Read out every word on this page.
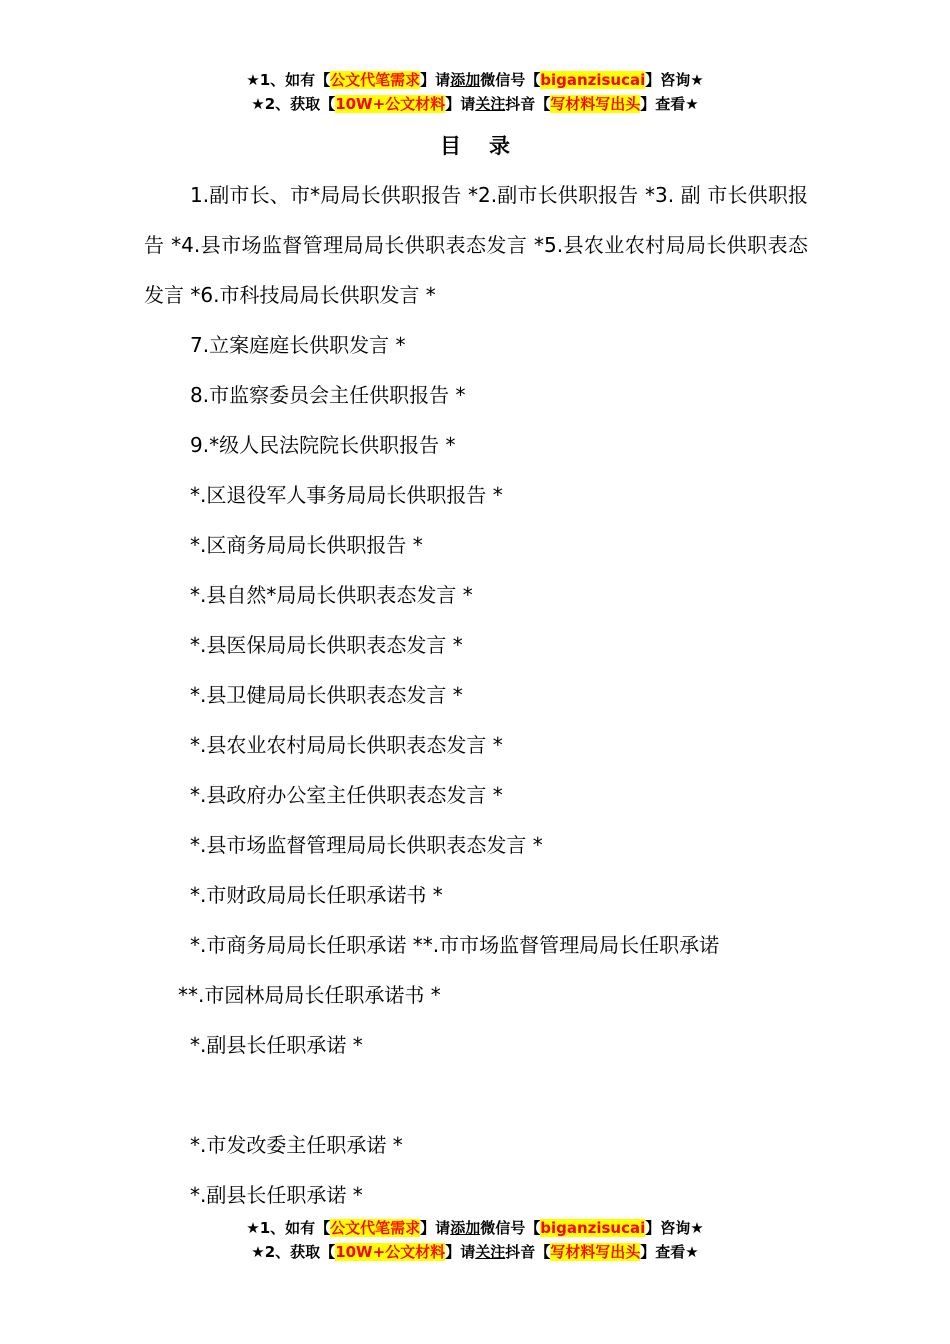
★1、如有【公文代笔需求】请添加微信号【biganzisucai】咨询★
★2、获取【10W+公文材料】请关注抖音【写材料写出头】查看★
目 录

1.副市长、市*局局长供职报告 *2.副市长供职报告 *3. 副 市长供职报告 *4.县市场监督管理局局长供职表态发言 *5.县农业农村局局长供职表态发言 *6.市科技局局长供职发言 *

7.立案庭庭长供职发言 *
8.市监察委员会主任供职报告 *
9.*级人民法院院长供职报告 *
*.区退役军人事务局局长供职报告 *
*.区商务局局长供职报告 *
*.县自然*局局长供职表态发言 *
*.县医保局局长供职表态发言 *
*.县卫健局局长供职表态发言 *
*.县农业农村局局长供职表态发言 *
*.县政府办公室主任供职表态发言 *
*.县市场监督管理局局长供职表态发言 *
*.市财政局局长任职承诺书 *
*.市商务局局长任职承诺 **.市市场监督管理局局长任职承诺
**.市园林局局长任职承诺书 *
*.副县长任职承诺 *
*.市发改委主任职承诺 *
*.副县长任职承诺 *
★1、如有【公文代笔需求】请添加微信号【biganzisucai】咨询★
★2、获取【10W+公文材料】请关注抖音【写材料写出头】查看★
